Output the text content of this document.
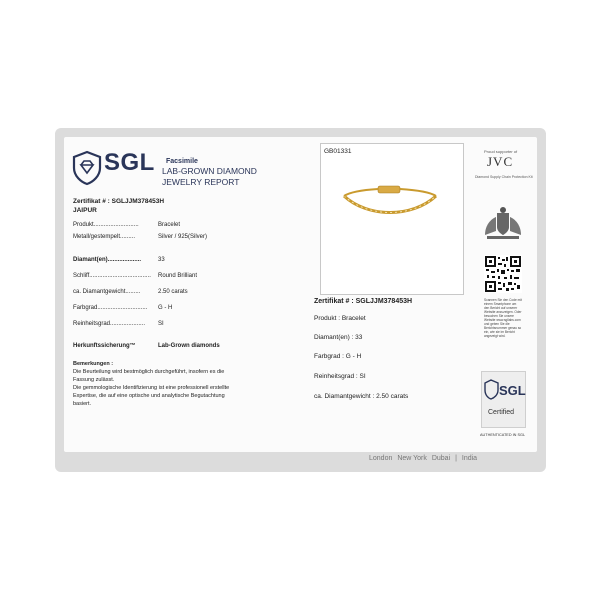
SGL Facsimile
LAB-GROWN DIAMOND
JEWELRY REPORT
Zertifikat # : SGLJJM378453H
JAIPUR
Produkt...........................	Bracelet
Metall/gestempelt.........	Silver / 925(Silver)
Diamant(en)....................	33
Schliff..................................... Round Brilliant
ca. Diamantgewicht.........	2.50 carats
Farbgrad.............................. G - H
Reinheitsgrad..................... SI
Herkunftssicherung™	Lab-Grown diamonds
Bemerkungen :
Die Beurteilung wird bestmöglich durchgeführt, insofern es die
Fassung zulässt.
Die gemmologische Identifizierung ist eine professionell erstellte
Expertise, die auf eine optische und analytische Begutachtung
basiert.
GB01331
Zertifikat # : SGLJJM378453H
Produkt : Bracelet
Diamant(en) : 33
Farbgrad : G - H
Reinheitsgrad : SI
ca. Diamantgewicht : 2.50 carats
Proud supporter of
JVC
Diamond Supply Chain Protection Kit
Scannen Sie den Code mit einem Smartphone um den Bericht auf unserer Website anzuzeigen. Oder besuchen Sie unsere Website www.sgllabs.com und geben Sie die Berichtsnummer genau so ein, wie sie im Bericht angezeigt wird.
SGL
Certified
AUTHENTICATED IN SGL
London New York Dubai | India
